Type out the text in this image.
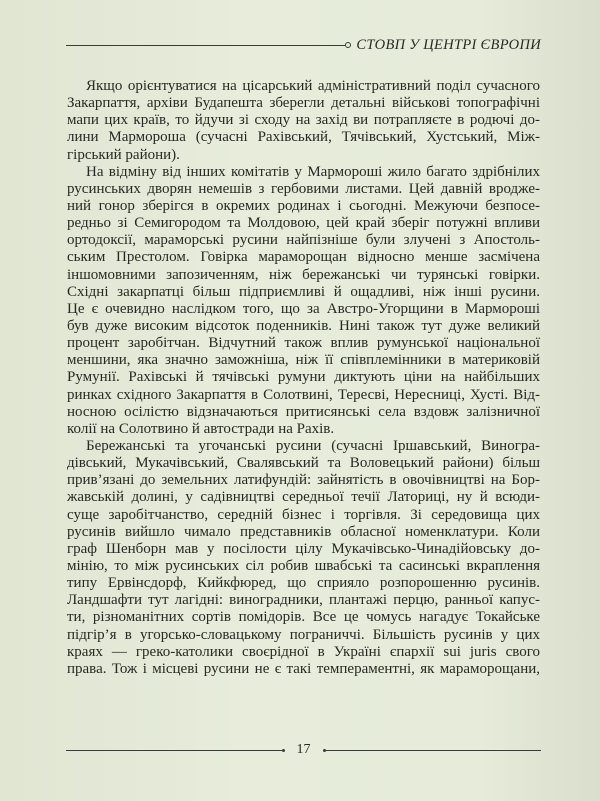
СТОВП У ЦЕНТРІ ЄВРОПИ
Якщо орієнтуватися на цісарський адміністративний поділ сучасного
Закарпаття, архіви Будапешта зберегли детальні військові топографічні
мапи цих країв, то йдучи зі сходу на захід ви потрапляєте в родючі до-
лини Мармороша (сучасні Рахівський, Тячівський, Хустський, Між-
гірський райони).
На відміну від інших комітатів у Мармороші жило багато здрібнілих
русинських дворян немешів з гербовими листами. Цей давній вродже-
ний гонор зберігся в окремих родинах і сьогодні. Межуючи безпосе-
редньо зі Семигородом та Молдовою, цей край зберіг потужні впливи
ортодоксії, мараморські русини найпізніше були злучені з Апостоль-
ським Престолом. Говірка мараморощан відносно менше засмічена
іншомовними запозиченням, ніж бережанські чи турянські говірки.
Східні закарпатці більш підприємливі й ощадливі, ніж інші русини.
Це є очевидно наслідком того, що за Австро-Угорщини в Мармороші
був дуже високим відсоток поденників. Нині також тут дуже великий
процент заробітчан. Відчутний також вплив румунської національної
меншини, яка значно заможніша, ніж її співплемінники в материковій
Румунії. Рахівські й тячівські румуни диктують ціни на найбільших
ринках східного Закарпаття в Солотвині, Тересві, Нересниці, Хусті. Від-
носною осілістю відзначаються притисянські села вздовж залізничної
колії на Солотвино й автостради на Рахів.
Бережанські та угочанські русини (сучасні Іршавський, Виногра-
дівський, Мукачівський, Свалявський та Воловецький райони) більш
прив’язані до земельних латифундій: зайнятість в овочівництві на Бор-
жавській долині, у садівництві середньої течії Латориці, ну й всюди-
суще заробітчанство, середній бізнес і торгівля. Зі середовища цих
русинів вийшло чимало представників обласної номенклатури. Коли
граф Шенборн мав у посілости цілу Мукачівсько-Чинадійовську до-
мінію, то між русинських сіл робив швабські та сасинські вкраплення
типу Ервінсдорф, Кийкфюред, що сприяло розпорошенню русинів.
Ландшафти тут лагідні: виноградники, плантажі перцю, ранньої капус-
ти, різноманітних сортів помідорів. Все це чомусь нагадує Токайське
підгір’я в угорсько-словацькому пограниччі. Більшість русинів у цих
краях — греко-католики своєрідної в Україні єпархії sui juris свого
права. Тож і місцеві русини не є такі темпераментні, як мараморощани,
17
